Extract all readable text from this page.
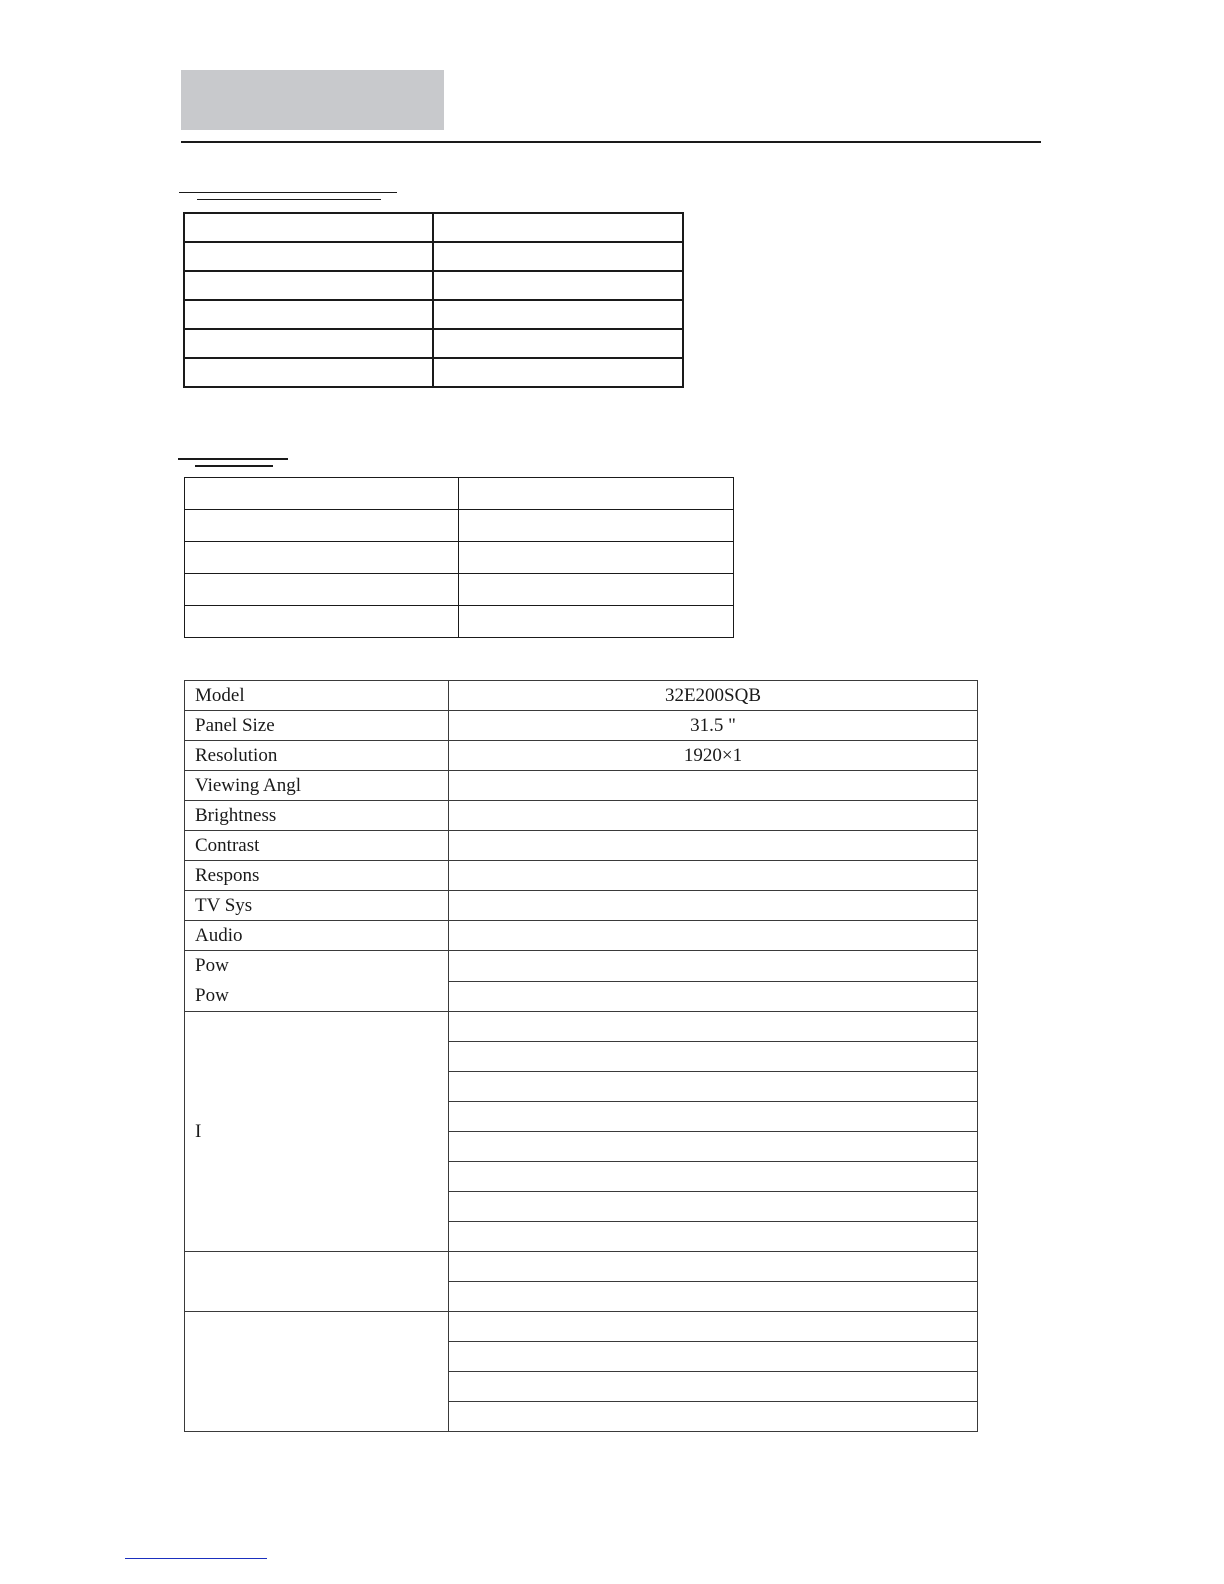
Model	32E200SQB
Panel Size	31.5 "
Resolution	1920×1
Viewing Angl	
Brightness	
Contrast	
Respons	
TV Sys	
Audio	

Pow
Pow	

I	
